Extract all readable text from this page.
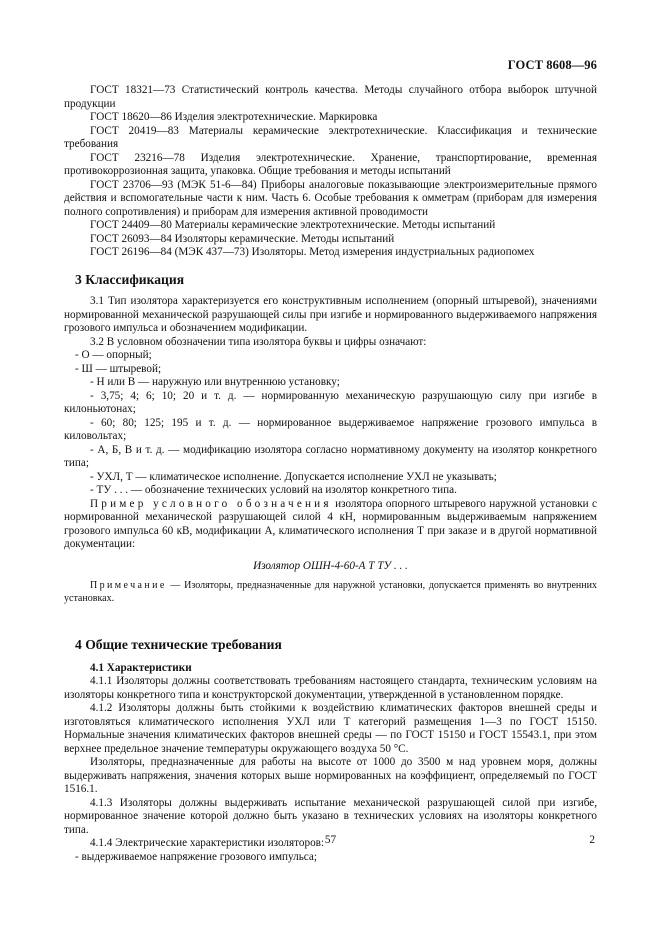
ГОСТ 8608—96

ГОСТ 18321—73 Статистический контроль качества. Методы случайного отбора выборок штучной продукции

ГОСТ 18620—86 Изделия электротехнические. Маркировка

ГОСТ 20419—83 Материалы керамические электротехнические. Классификация и технические требования

ГОСТ 23216—78 Изделия электротехнические. Хранение, транспортирование, временная противокоррозионная защита, упаковка. Общие требования и методы испытаний

ГОСТ 23706—93 (МЭК 51-6—84) Приборы аналоговые показывающие электроизмерительные прямого действия и вспомогательные части к ним. Часть 6. Особые требования к омметрам (приборам для измерения полного сопротивления) и приборам для измерения активной проводимости

ГОСТ 24409—80 Материалы керамические электротехнические. Методы испытаний

ГОСТ 26093—84 Изоляторы керамические. Методы испытаний

ГОСТ 26196—84 (МЭК 437—73) Изоляторы. Метод измерения индустриальных радиопомех

3 Классификация

3.1 Тип изолятора характеризуется его конструктивным исполнением (опорный штыревой), значениями нормированной механической разрушающей силы при изгибе и нормированного выдерживаемого напряжения грозового импульса и обозначением модификации.

3.2 В условном обозначении типа изолятора буквы и цифры означают:

- О — опорный;

- Ш — штыревой;

- Н или В — наружную или внутреннюю установку;

- 3,75; 4; 6; 10; 20 и т. д. — нормированную механическую разрушающую силу при изгибе в килоньютонах;

- 60; 80; 125; 195 и т. д. — нормированное выдерживаемое напряжение грозового импульса в киловольтах;

- А, Б, В и т. д. — модификацию изолятора согласно нормативному документу на изолятор конкретного типа;

- УХЛ, Т — климатическое исполнение. Допускается исполнение УХЛ не указывать;

- ТУ . . . — обозначение технических условий на изолятор конкретного типа.

Пример условного обозначения изолятора опорного штыревого наружной установки с нормированной механической разрушающей силой 4 кН, нормированным выдерживаемым напряжением грозового импульса 60 кВ, модификации А, климатического исполнения Т при заказе и в другой нормативной документации:

Изолятор ОШН-4-60-А Т ТУ . . .

Примечание — Изоляторы, предназначенные для наружной установки, допускается применять во внутренних установках.

4 Общие технические требования
4.1 Характеристики

4.1.1 Изоляторы должны соответствовать требованиям настоящего стандарта, техническим условиям на изоляторы конкретного типа и конструкторской документации, утвержденной в установленном порядке.

4.1.2 Изоляторы должны быть стойкими к воздействию климатических факторов внешней среды и изготовляться климатического исполнения УХЛ или Т категорий размещения 1—3 по ГОСТ 15150. Нормальные значения климатических факторов внешней среды — по ГОСТ 15150 и ГОСТ 15543.1, при этом верхнее предельное значение температуры окружающего воздуха 50 °С.

Изоляторы, предназначенные для работы на высоте от 1000 до 3500 м над уровнем моря, должны выдерживать напряжения, значения которых выше нормированных на коэффициент, определяемый по ГОСТ 1516.1.

4.1.3 Изоляторы должны выдерживать испытание механической разрушающей силой при изгибе, нормированное значение которой должно быть указано в технических условиях на изоляторы конкретного типа.

4.1.4 Электрические характеристики изоляторов:

- выдерживаемое напряжение грозового импульса;

57	2
